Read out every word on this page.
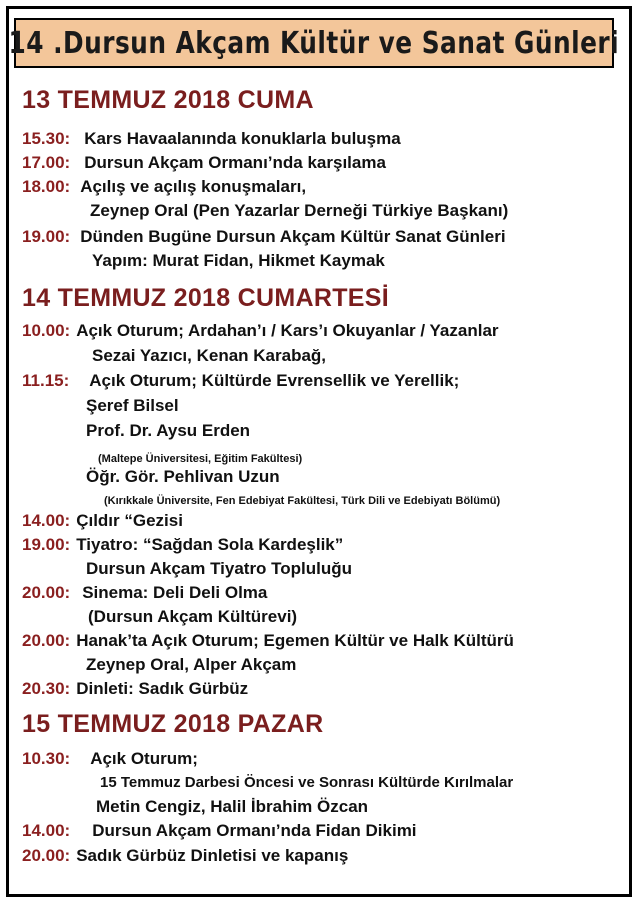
14 .Dursun Akçam Kültür ve Sanat Günleri
13 TEMMUZ 2018 CUMA
15.30: Kars Havaalanında konuklarla buluşma
17.00: Dursun Akçam Ormanı’nda karşılama
18.00: Açılış ve açılış konuşmaları,
Zeynep Oral (Pen Yazarlar Derneği Türkiye Başkanı)
19.00: Dünden Bugüne Dursun Akçam Kültür Sanat Günleri
Yapım: Murat Fidan, Hikmet Kaymak
14 TEMMUZ 2018 CUMARTESİ
10.00: Açık Oturum; Ardahan’ı / Kars’ı Okuyanlar / Yazanlar
Sezai Yazıcı, Kenan Karabağ,
11.15: Açık Oturum; Kültürde Evrensellik ve Yerellik;
Şeref Bilsel
Prof. Dr. Aysu Erden
(Maltepe Üniversitesi, Eğitim Fakültesi)
Öğr. Gör. Pehlivan Uzun
(Kırıkkale Üniversite, Fen Edebiyat Fakültesi, Türk Dili ve Edebiyatı Bölümü)
14.00: Çıldır “Gezisi
19.00: Tiyatro: “Sağdan Sola Kardeşlik”
Dursun Akçam Tiyatro Topluluğu
20.00: Sinema: Deli Deli Olma
(Dursun Akçam Kültürevi)
20.00: Hanak’ta Açık Oturum; Egemen Kültür ve Halk Kültürü
Zeynep Oral, Alper Akçam
20.30: Dinleti: Sadık Gürbüz
15 TEMMUZ 2018 PAZAR
10.30: Açık Oturum;
15 Temmuz Darbesi Öncesi ve Sonrası Kültürde Kırılmalar
Metin Cengiz, Halil İbrahim Özcan
14.00: Dursun Akçam Ormanı’nda Fidan Dikimi
20.00: Sadık Gürbüz Dinletisi ve kapanış
